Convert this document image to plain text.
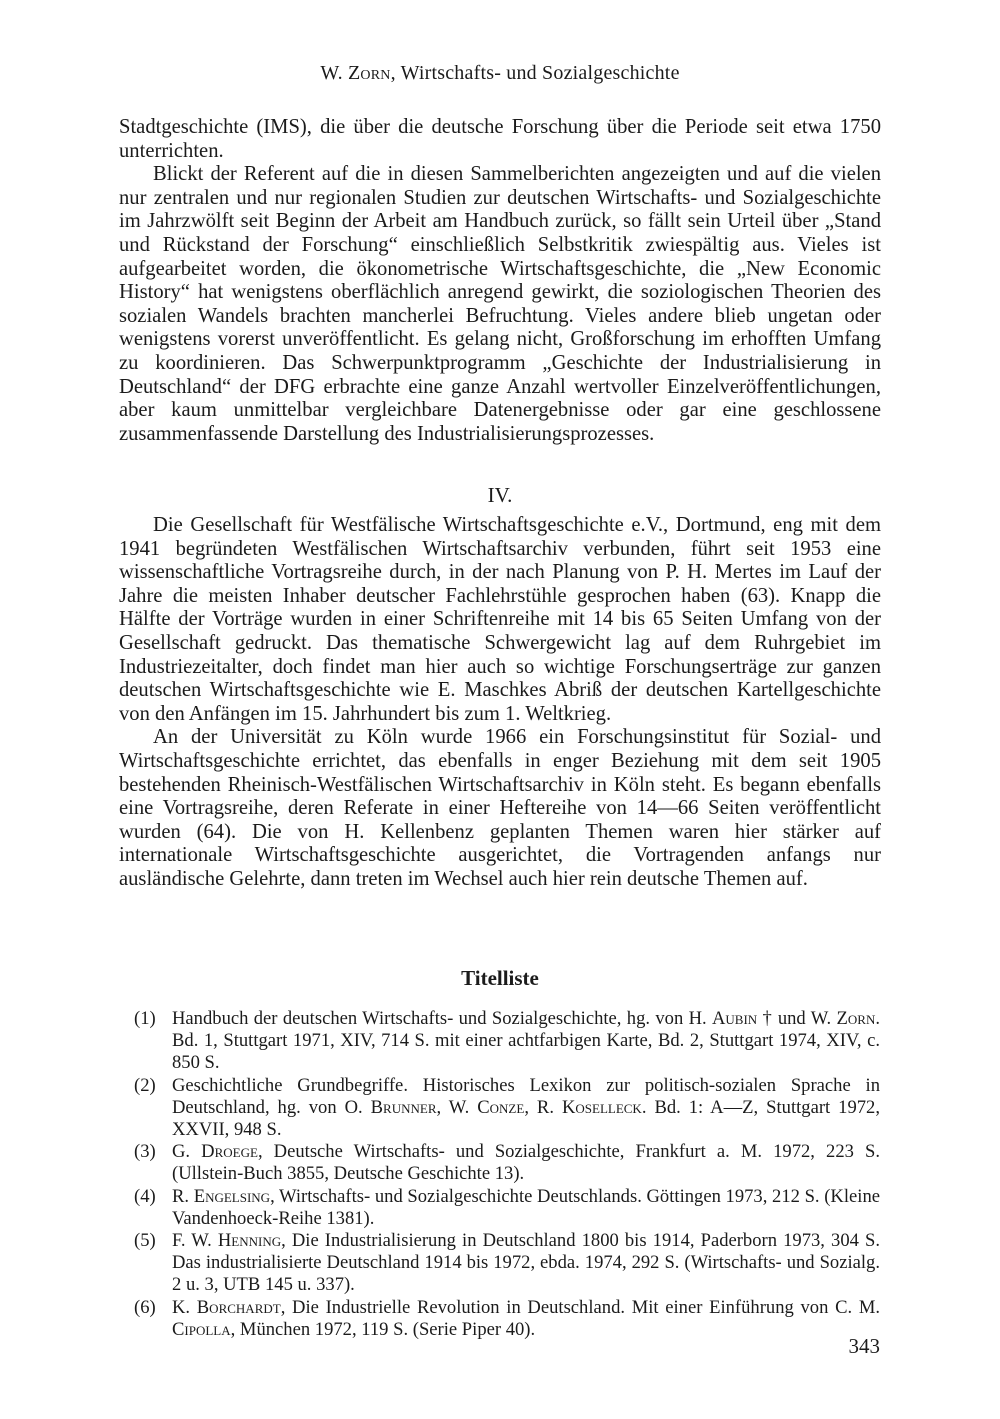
W. Zorn, Wirtschafts- und Sozialgeschichte

Stadtgeschichte (IMS), die über die deutsche Forschung über die Periode seit etwa 1750 unterrichten.

Blickt der Referent auf die in diesen Sammelberichten angezeigten und auf die vielen nur zentralen und nur regionalen Studien zur deutschen Wirtschafts- und Sozialgeschichte im Jahrzwölft seit Beginn der Arbeit am Handbuch zurück, so fällt sein Urteil über „Stand und Rückstand der Forschung“ einschließlich Selbstkritik zwiespältig aus. Vieles ist aufgearbeitet worden, die ökonometrische Wirtschaftsgeschichte, die „New Economic History“ hat wenigstens oberflächlich anregend gewirkt, die soziologischen Theorien des sozialen Wandels brachten mancherlei Befruchtung. Vieles andere blieb ungetan oder wenigstens vorerst unveröffentlicht. Es gelang nicht, Großforschung im erhofften Umfang zu koordinieren. Das Schwerpunktprogramm „Geschichte der Industrialisierung in Deutschland“ der DFG erbrachte eine ganze Anzahl wertvoller Einzelveröffentlichungen, aber kaum unmittelbar vergleichbare Datenergebnisse oder gar eine geschlossene zusammenfassende Darstellung des Industrialisierungsprozesses.

IV.

Die Gesellschaft für Westfälische Wirtschaftsgeschichte e.V., Dortmund, eng mit dem 1941 begründeten Westfälischen Wirtschaftsarchiv verbunden, führt seit 1953 eine wissenschaftliche Vortragsreihe durch, in der nach Planung von P. H. Mertes im Lauf der Jahre die meisten Inhaber deutscher Fachlehrstühle gesprochen haben (63). Knapp die Hälfte der Vorträge wurden in einer Schriftenreihe mit 14 bis 65 Seiten Umfang von der Gesellschaft gedruckt. Das thematische Schwergewicht lag auf dem Ruhrgebiet im Industriezeitalter, doch findet man hier auch so wichtige Forschungserträge zur ganzen deutschen Wirtschaftsgeschichte wie E. Maschkes Abriß der deutschen Kartellgeschichte von den Anfängen im 15. Jahrhundert bis zum 1. Weltkrieg.

An der Universität zu Köln wurde 1966 ein Forschungsinstitut für Sozial- und Wirtschaftsgeschichte errichtet, das ebenfalls in enger Beziehung mit dem seit 1905 bestehenden Rheinisch-Westfälischen Wirtschaftsarchiv in Köln steht. Es begann ebenfalls eine Vortragsreihe, deren Referate in einer Heftereihe von 14—66 Seiten veröffentlicht wurden (64). Die von H. Kellenbenz geplanten Themen waren hier stärker auf internationale Wirtschaftsgeschichte ausgerichtet, die Vortragenden anfangs nur ausländische Gelehrte, dann treten im Wechsel auch hier rein deutsche Themen auf.

Titelliste

(1) Handbuch der deutschen Wirtschafts- und Sozialgeschichte, hg. von H. Aubin † und W. Zorn. Bd. 1, Stuttgart 1971, XIV, 714 S. mit einer achtfarbigen Karte, Bd. 2, Stuttgart 1974, XIV, c. 850 S.

(2) Geschichtliche Grundbegriffe. Historisches Lexikon zur politisch-sozialen Sprache in Deutschland, hg. von O. Brunner, W. Conze, R. Koselleck. Bd. 1: A—Z, Stuttgart 1972, XXVII, 948 S.

(3) G. Droege, Deutsche Wirtschafts- und Sozialgeschichte, Frankfurt a. M. 1972, 223 S. (Ullstein-Buch 3855, Deutsche Geschichte 13).

(4) R. Engelsing, Wirtschafts- und Sozialgeschichte Deutschlands. Göttingen 1973, 212 S. (Kleine Vandenhoeck-Reihe 1381).

(5) F. W. Henning, Die Industrialisierung in Deutschland 1800 bis 1914, Paderborn 1973, 304 S. Das industrialisierte Deutschland 1914 bis 1972, ebda. 1974, 292 S. (Wirtschafts- und Sozialg. 2 u. 3, UTB 145 u. 337).

(6) K. Borchardt, Die Industrielle Revolution in Deutschland. Mit einer Einführung von C. M. Cipolla, München 1972, 119 S. (Serie Piper 40).

343
